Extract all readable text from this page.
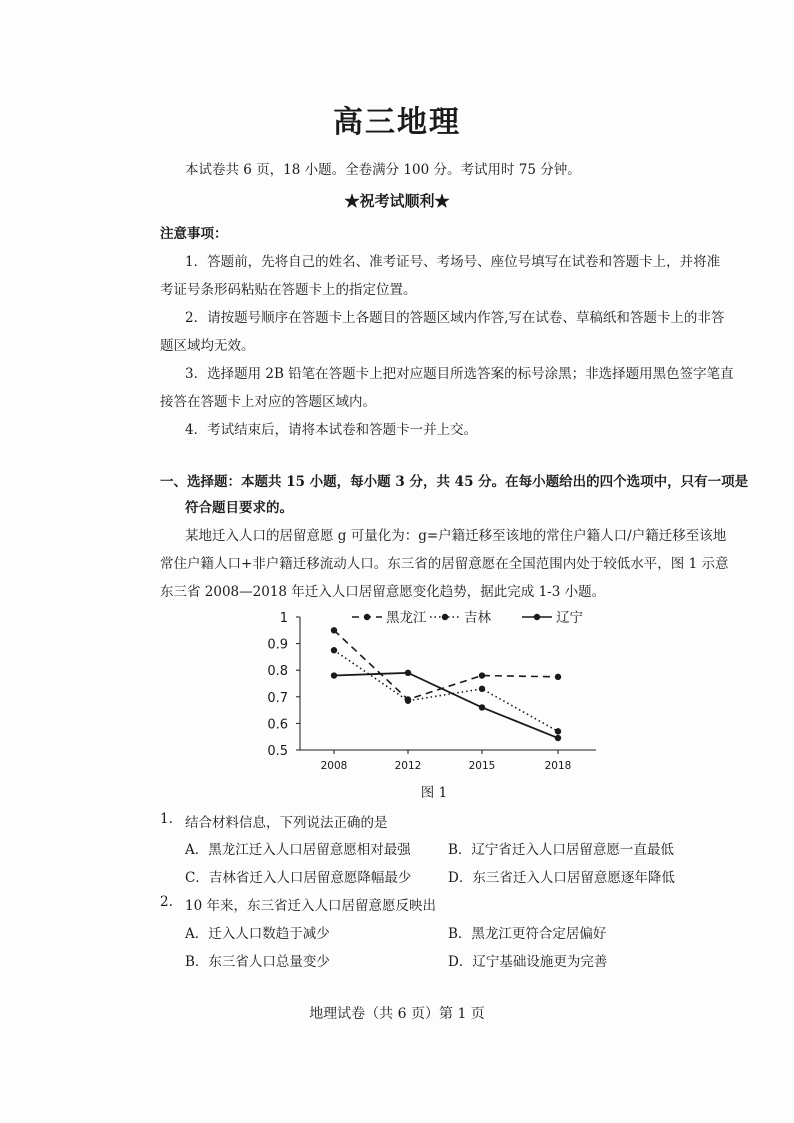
高三地理
本试卷共 6 页，18 小题。全卷满分 100 分。考试用时 75 分钟。
★祝考试顺利★
注意事项：
1．答题前，先将自己的姓名、准考证号、考场号、座位号填写在试卷和答题卡上，并将准
考证号条形码粘贴在答题卡上的指定位置。
2．请按题号顺序在答题卡上各题目的答题区域内作答,写在试卷、草稿纸和答题卡上的非答
题区域均无效。
3．选择题用 2B 铅笔在答题卡上把对应题目所选答案的标号涂黑；非选择题用黑色签字笔直
接答在答题卡上对应的答题区域内。
4．考试结束后，请将本试卷和答题卡一并上交。
一、选择题：本题共 15 小题，每小题 3 分，共 45 分。在每小题给出的四个选项中，只有一项是
符合题目要求的。
某地迁入人口的居留意愿 g 可量化为：g=户籍迁移至该地的常住户籍人口/户籍迁移至该地
常住户籍人口+非户籍迁移流动人口。东三省的居留意愿在全国范围内处于较低水平，图 1 示意
东三省 2008—2018 年迁入人口居留意愿变化趋势，据此完成 1-3 小题。
1
0.9
0.8
0.7
0.6
0.5
2008	2012	2015	2018
黑龙江	吉林	辽宁
图 1
1. 结合材料信息，下列说法正确的是
A．黑龙江迁入人口居留意愿相对最强	B．辽宁省迁入人口居留意愿一直最低
C．吉林省迁入人口居留意愿降幅最少	D．东三省迁入人口居留意愿逐年降低
2. 10 年来，东三省迁入人口居留意愿反映出
A．迁入人口数趋于减少	B．黑龙江更符合定居偏好
B．东三省人口总量变少	D．辽宁基础设施更为完善
地理试卷（共 6 页）第 1 页
